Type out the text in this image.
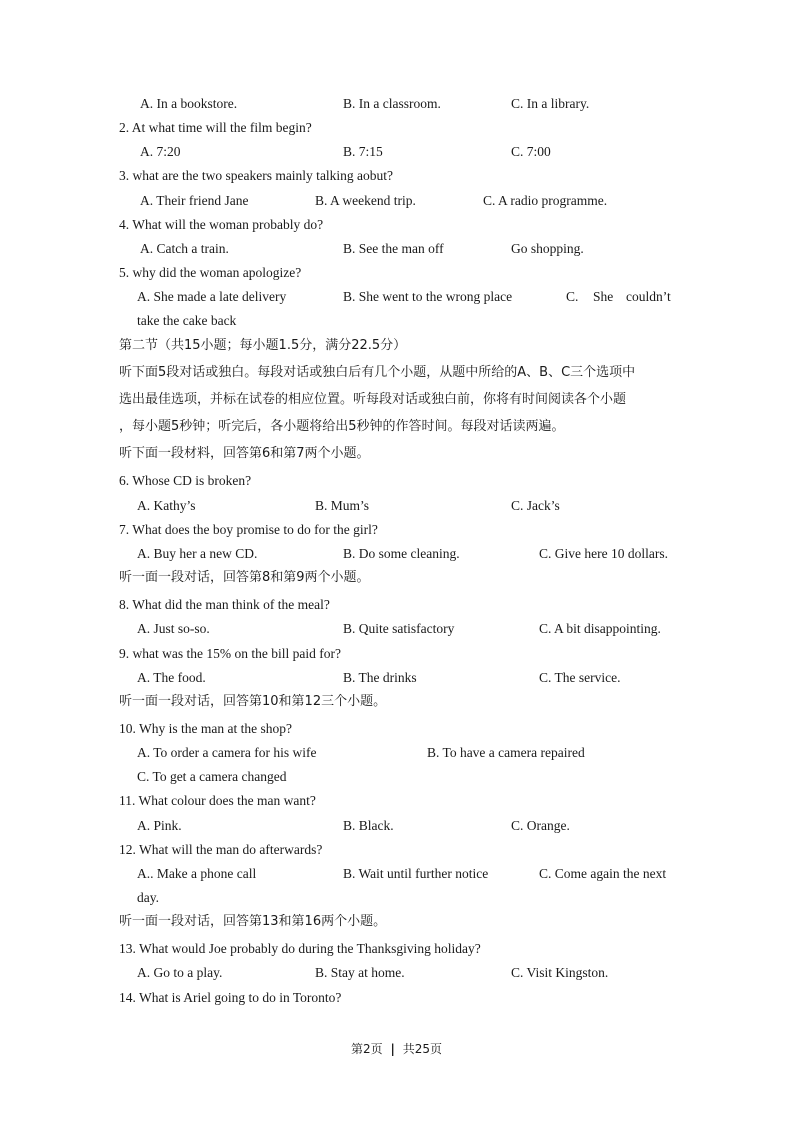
A. In a bookstore.	B. In a classroom.	C. In a library.
2. At what time will the film begin?
A. 7:20	B. 7:15	C. 7:00
3. what are the two speakers mainly talking aobut?
A. Their friend Jane	B. A weekend trip.	C. A radio programme.
4. What will the woman probably do?
A. Catch a train.	B. See the man off	Go shopping.
5. why did the woman apologize?
A. She made a late delivery	B. She went to the wrong place	C. She couldn’t
take the cake back
第二节（共15小题；每小题1.5分，满分22.5分）
听下面5段对话或独白。每段对话或独白后有几个小题，从题中所给的A、B、C三个选项中
选出最佳选项，并标在试卷的相应位置。听每段对话或独白前，你将有时间阅读各个小题
，每小题5秒钟；听完后，各小题将给出5秒钟的作答时间。每段对话读两遍。
听下面一段材料，回答第6和第7两个小题。
6. Whose CD is broken?
A. Kathy’s	B. Mum’s	C. Jack’s
7. What does the boy promise to do for the girl?
A. Buy her a new CD.	B. Do some cleaning.	C. Give here 10 dollars.
听一面一段对话，回答第8和第9两个小题。
8. What did the man think of the meal?
A. Just so-so.	B. Quite satisfactory	C. A bit disappointing.
9. what was the 15% on the bill paid for?
A. The food.	B. The drinks	C. The service.
听一面一段对话，回答第10和第12三个小题。
10. Why is the man at the shop?
A. To order a camera for his wife	B. To have a camera repaired
C. To get a camera changed
11. What colour does the man want?
A. Pink.	B. Black.	C. Orange.
12. What will the man do afterwards?
A.. Make a phone call	B. Wait until further notice	C. Come again the next
day.
听一面一段对话，回答第13和第16两个小题。
13. What would Joe probably do during the Thanksgiving holiday?
A. Go to a play.	B. Stay at home.	C. Visit Kingston.
14. What is Ariel going to do in Toronto?
第2页 | 共25页
